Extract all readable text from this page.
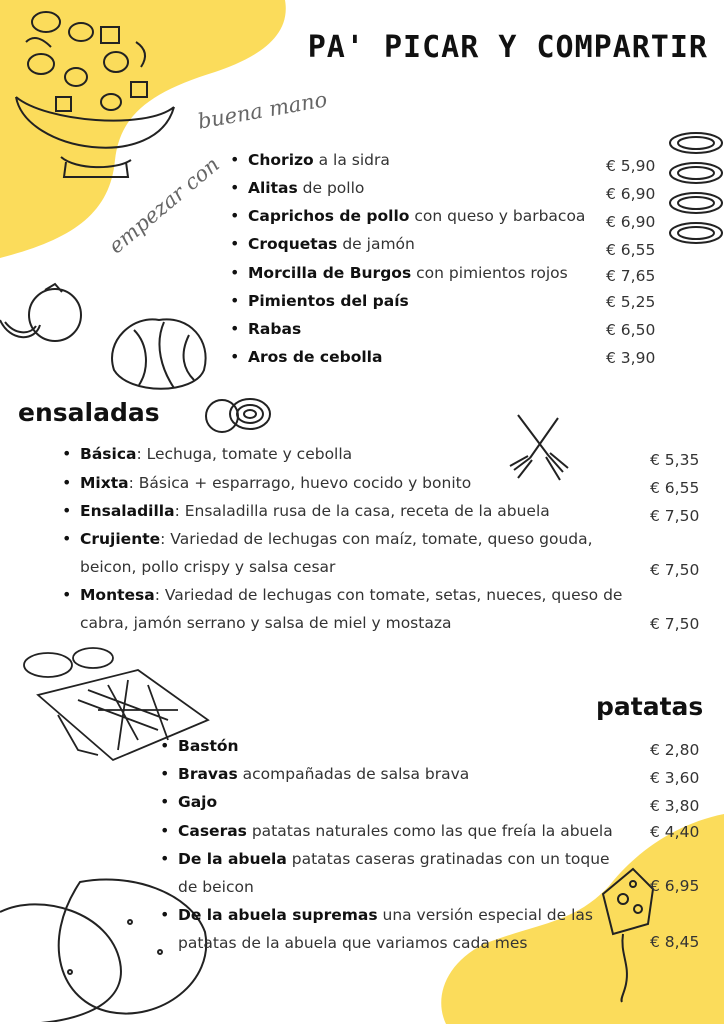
PA' PICAR Y COMPARTIR
empezar con
buena mano
• Chorizo a la sidra	€ 5,90
• Alitas de pollo	€ 6,90
• Caprichos de pollo con queso y barbacoa € 6,90
• Croquetas de jamón	€ 6,55
• Morcilla de Burgos con pimientos rojos € 7,65
• Pimientos del país	€ 5,25
• Rabas	€ 6,50
• Aros de cebolla	€ 3,90
ensaladas
• Básica: Lechuga, tomate y cebolla	€ 5,35
• Mixta: Básica + esparrago, huevo cocido y bonito	€ 6,55
• Ensaladilla: Ensaladilla rusa de la casa, receta de la abuela	€ 7,50
• Crujiente: Variedad de lechugas con maíz, tomate, queso gouda,
beicon, pollo crispy y salsa cesar	€ 7,50
• Montesa: Variedad de lechugas con tomate, setas, nueces, queso de
cabra, jamón serrano y salsa de miel y mostaza	€ 7,50
patatas
• Bastón	€ 2,80
• Bravas acompañadas de salsa brava	€ 3,60
• Gajo	€ 3,80
• Caseras patatas naturales como las que freía la abuela € 4,40
• De la abuela patatas caseras gratinadas con un toque
de beicon	€ 6,95
• De la abuela supremas una versión especial de las
patatas de la abuela que variamos cada mes	€ 8,45
